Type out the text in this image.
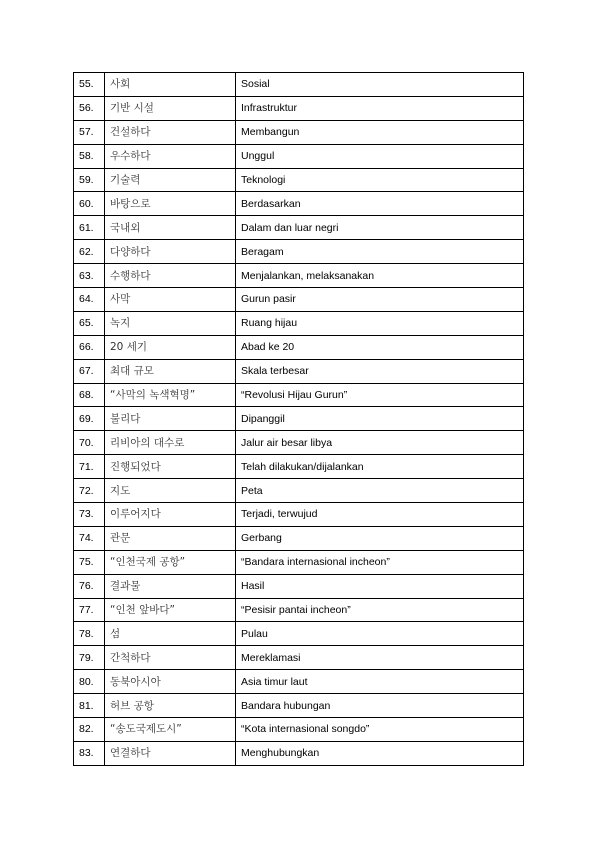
55.	사회	Sosial
56.	기반 시설	Infrastruktur
57.	건설하다	Membangun
58.	우수하다	Unggul
59.	기술력	Teknologi
60.	바탕으로	Berdasarkan
61.	국내외	Dalam dan luar negri
62.	다양하다	Beragam
63.	수행하다	Menjalankan, melaksanakan
64.	사막	Gurun pasir
65.	녹지	Ruang hijau
66.	20 세기	Abad ke 20
67.	최대 규모	Skala terbesar
68.	“사막의 녹색혁명”	“Revolusi Hijau Gurun”
69.	불리다	Dipanggil
70.	리비아의 대수로	Jalur air besar libya
71.	진행되었다	Telah dilakukan/dijalankan
72.	지도	Peta
73.	이루어지다	Terjadi, terwujud
74.	관문	Gerbang
75.	“인천국제 공항”	“Bandara internasional incheon”
76.	결과물	Hasil
77.	“인천 앞바다”	“Pesisir pantai incheon”
78.	섬	Pulau
79.	간척하다	Mereklamasi
80.	동북아시아	Asia timur laut
81.	허브 공항	Bandara hubungan
82.	“송도국제도시”	“Kota internasional songdo”
83.	연결하다	Menghubungkan
